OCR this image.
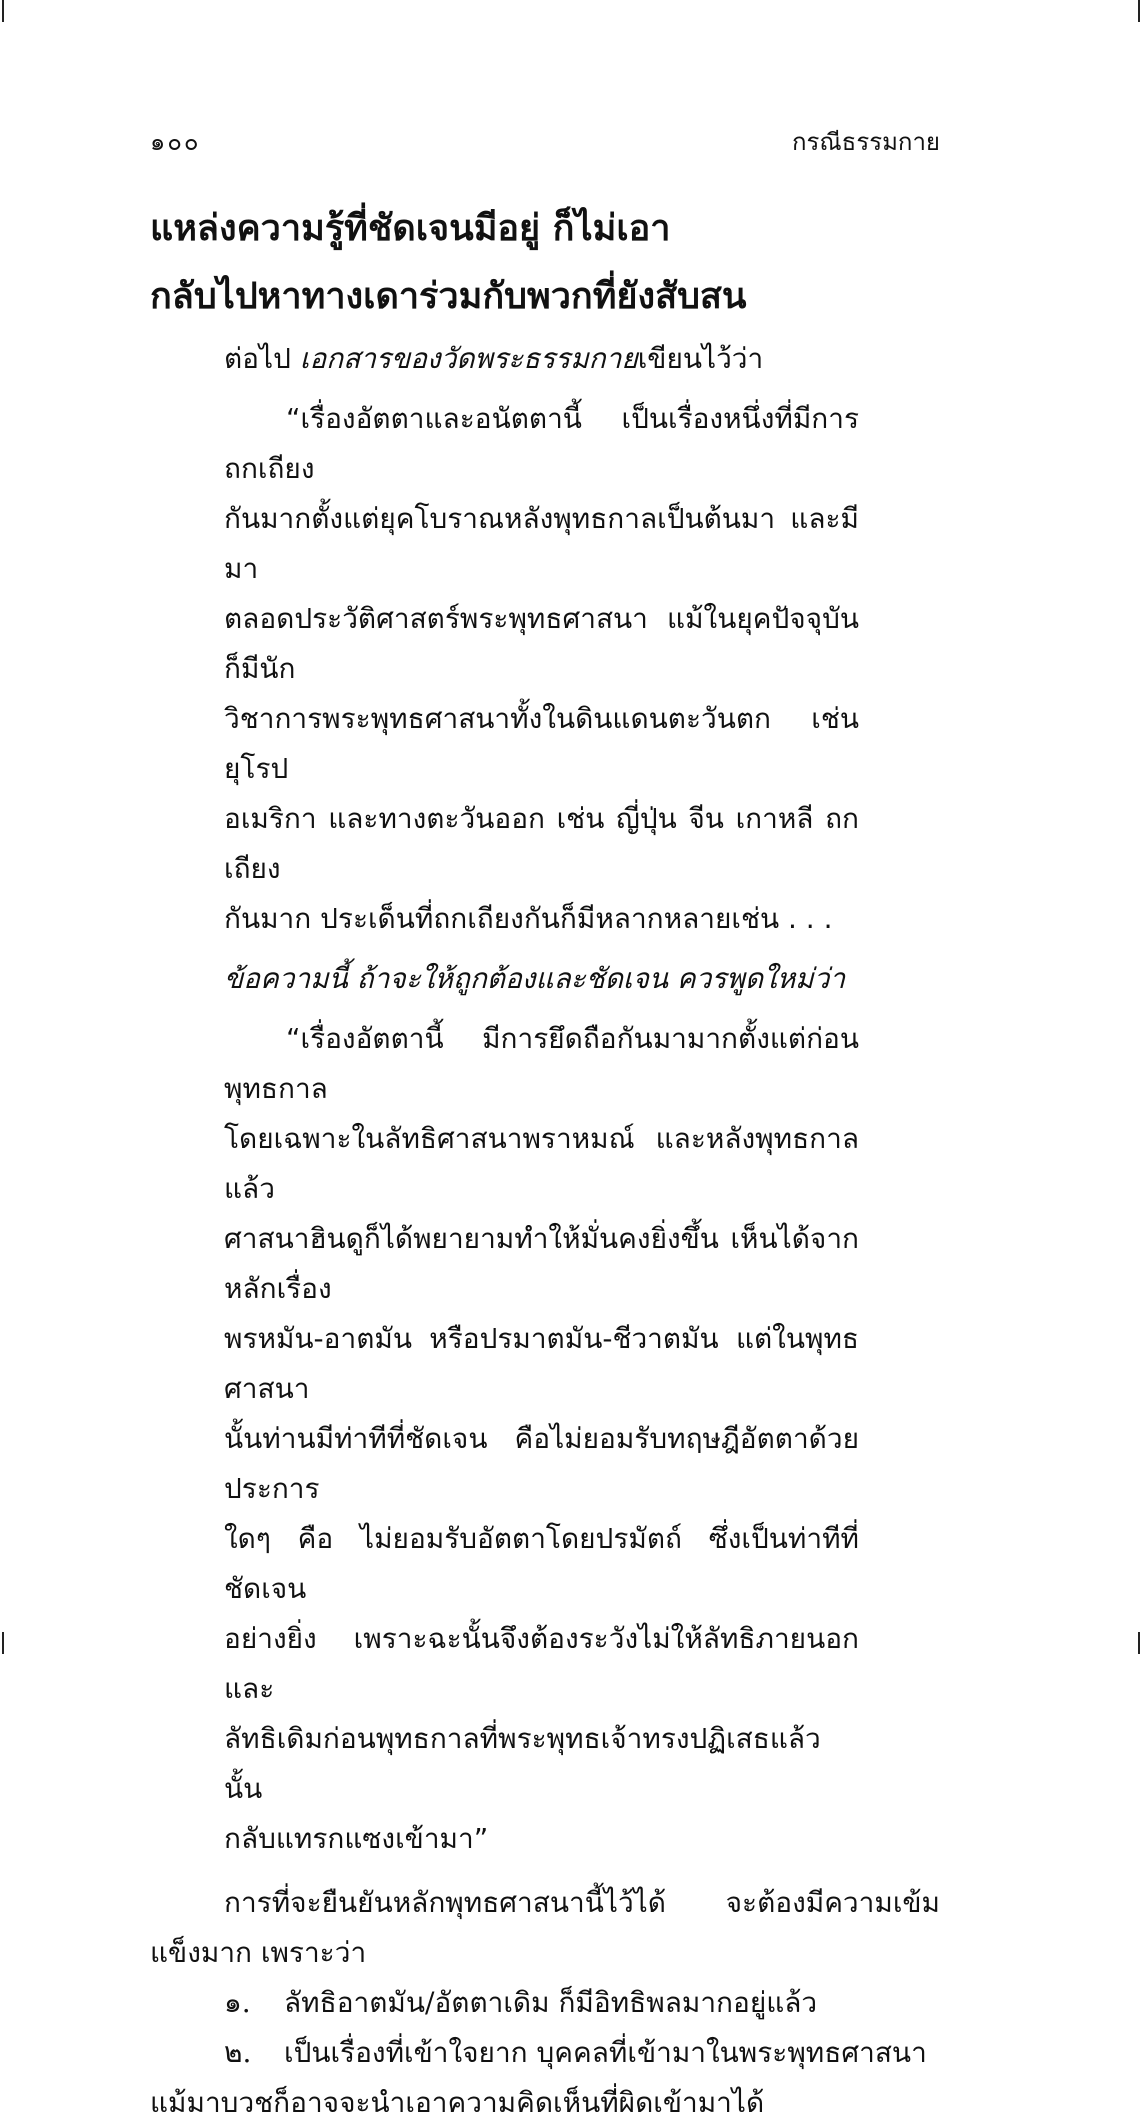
๑๐๐	กรณีธรรมกาย
แหล่งความรู้ที่ชัดเจนมีอยู่ ก็ไม่เอา
กลับไปหาทางเดาร่วมกับพวกที่ยังสับสน

ต่อไป เอกสารของวัดพระธรรมกายเขียนไว้ว่า

“เรื่องอัตตาและอนัตตานี้ เป็นเรื่องหนึ่งที่มีการถกเถียง
กันมากตั้งแต่ยุคโบราณหลังพุทธกาลเป็นต้นมา และมีมา
ตลอดประวัติศาสตร์พระพุทธศาสนา แม้ในยุคปัจจุบันก็มีนัก
วิชาการพระพุทธศาสนาทั้งในดินแดนตะวันตก เช่น ยุโรป
อเมริกา และทางตะวันออก เช่น ญี่ปุ่น จีน เกาหลี ถกเถียง
กันมาก ประเด็นที่ถกเถียงกันก็มีหลากหลายเช่น . . .

ข้อความนี้ ถ้าจะให้ถูกต้องและชัดเจน ควรพูดใหม่ว่า

“เรื่องอัตตานี้ มีการยึดถือกันมามากตั้งแต่ก่อนพุทธกาล
โดยเฉพาะในลัทธิศาสนาพราหมณ์ และหลังพุทธกาลแล้ว
ศาสนาฮินดูก็ได้พยายามทำให้มั่นคงยิ่งขึ้น เห็นได้จากหลักเรื่อง
พรหมัน-อาตมัน หรือปรมาตมัน-ชีวาตมัน แต่ในพุทธศาสนา
นั้นท่านมีท่าทีที่ชัดเจน คือไม่ยอมรับทฤษฎีอัตตาด้วยประการ
ใดๆ คือ ไม่ยอมรับอัตตาโดยปรมัตถ์ ซึ่งเป็นท่าทีที่ชัดเจน
อย่างยิ่ง เพราะฉะนั้นจึงต้องระวังไม่ให้ลัทธิภายนอก และ
ลัทธิเดิมก่อนพุทธกาลที่พระพุทธเจ้าทรงปฏิเสธแล้วนั้น
กลับแทรกแซงเข้ามา”

การที่จะยืนยันหลักพุทธศาสนานี้ไว้ได้ จะต้องมีความเข้มแข็งมาก เพราะว่า

๑. ลัทธิอาตมัน/อัตตาเดิม ก็มีอิทธิพลมากอยู่แล้ว
๒. เป็นเรื่องที่เข้าใจยาก บุคคลที่เข้ามาในพระพุทธศาสนา

แม้มาบวชก็อาจจะนำเอาความคิดเห็นที่ผิดเข้ามาได้
